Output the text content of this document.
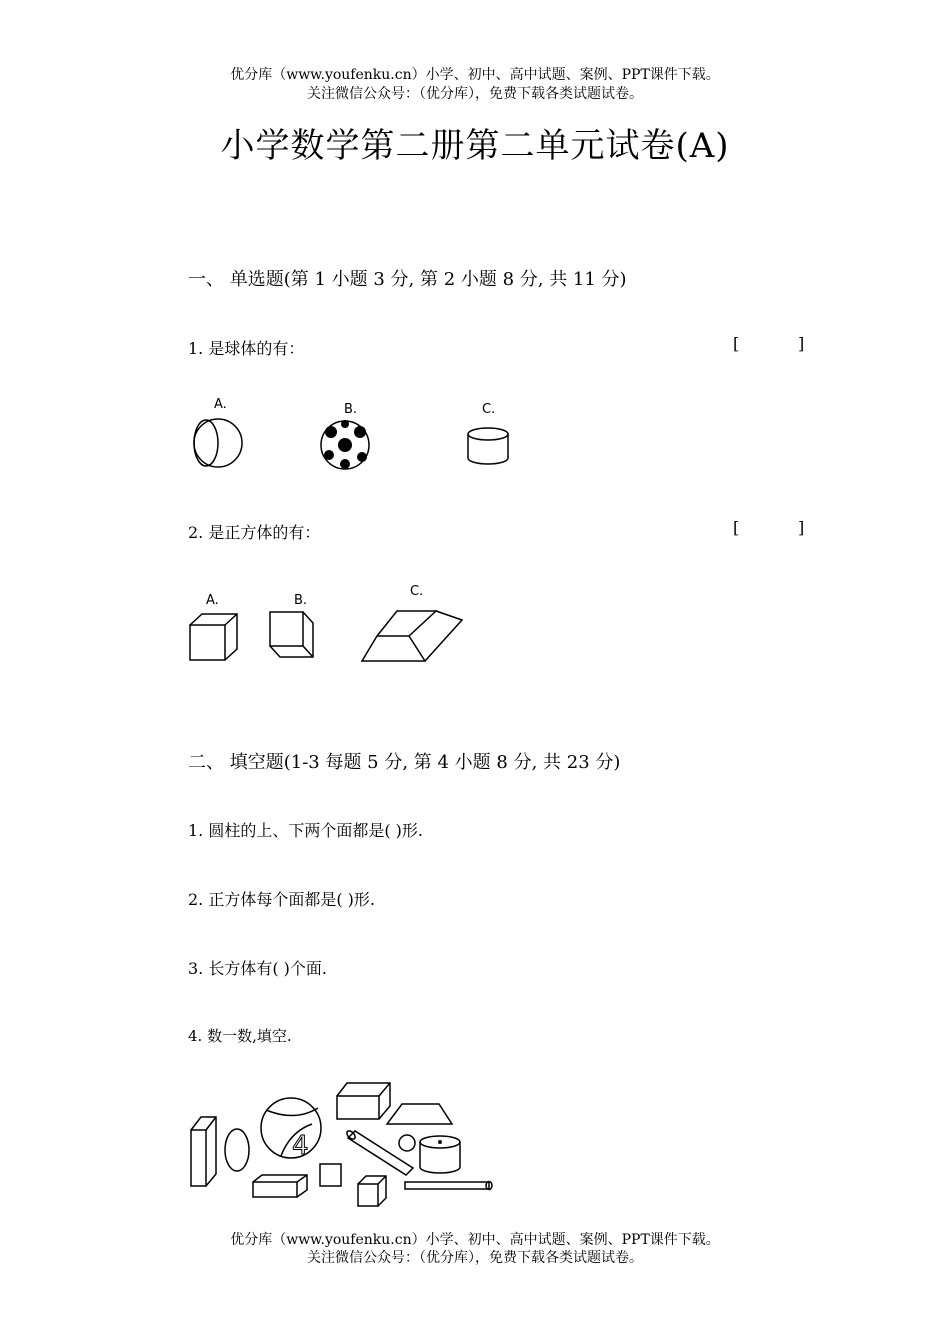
优分库（www.youfenku.cn）小学、初中、高中试题、案例、PPT课件下载。
关注微信公众号：（优分库），免费下载各类试题试卷。
小学数学第二册第二单元试卷(A)
一、 单选题(第 1 小题 3 分, 第 2 小题 8 分, 共 11 分)
1. 是球体的有：	[	]
A.	B.	C.
2. 是正方体的有：	[	]
A.	B.
C.
二、 填空题(1-3 每题 5 分, 第 4 小题 8 分, 共 23 分)
1. 圆柱的上、下两个面都是( )形.
2. 正方体每个面都是( )形.
3. 长方体有( )个面.
4. 数一数,填空.
4
优分库（www.youfenku.cn）小学、初中、高中试题、案例、PPT课件下载。
关注微信公众号：（优分库），免费下载各类试题试卷。
